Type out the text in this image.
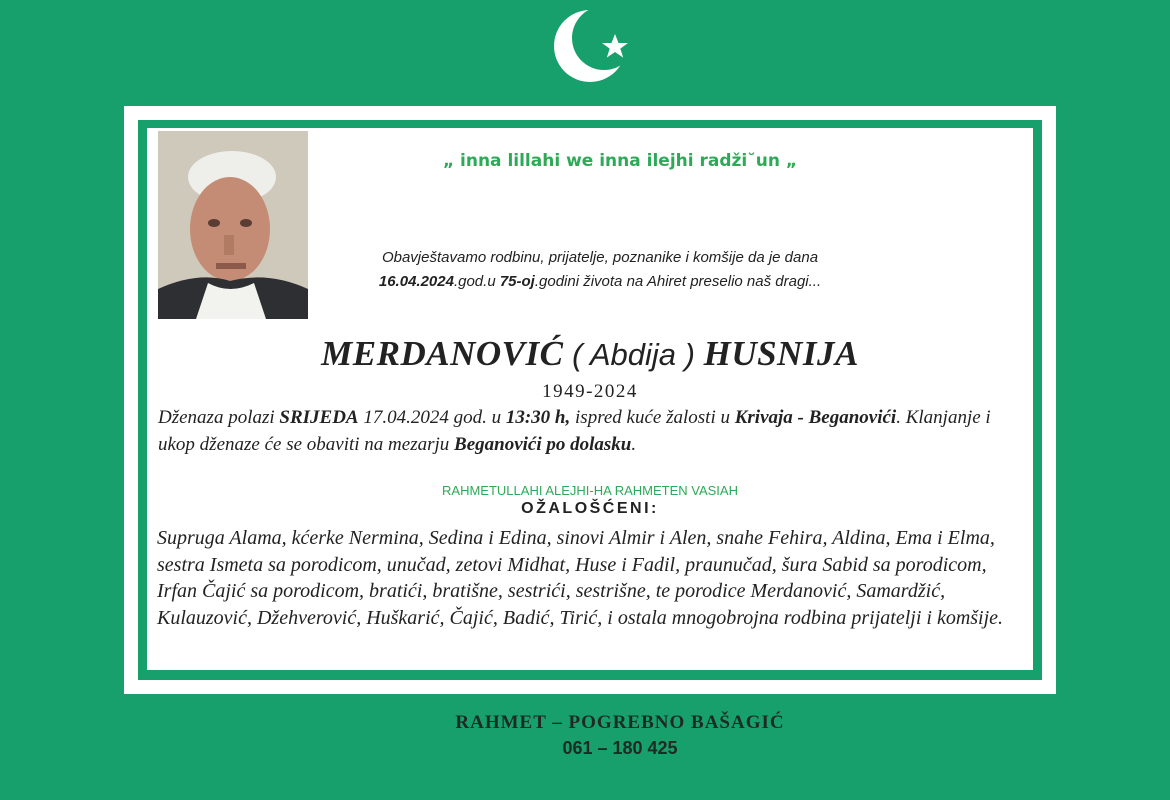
„ inna lillahi we inna ilejhi radži˘un „
Obavještavamo rodbinu, prijatelje, poznanike i komšije da je dana
16.04.2024.god.u 75-oj.godini života na Ahiret preselio naš dragi...
MERDANOVIĆ ( Abdija ) HUSNIJA
1949-2024
Dženaza polazi SRIJEDA 17.04.2024 god. u 13:30 h, ispred kuće žalosti u Krivaja - Beganovići. Klanjanje i ukop dženaze će se obaviti na mezarju Beganovići po dolasku.
RAHMETULLAHI ALEJHI-HA RAHMETEN VASIAH
OŽALOŠĆENI:
Supruga Alama, kćerke Nermina, Sedina i Edina, sinovi Almir i Alen, snahe Fehira, Aldina, Ema i Elma, sestra Ismeta sa porodicom, unučad, zetovi Midhat, Huse i Fadil, praunučad, šura Sabid sa porodicom, Irfan Čajić sa porodicom, bratići, bratišne, sestrići, sestrišne, te porodice Merdanović, Samardžić, Kulauzović, Džehverović, Huškarić, Čajić, Badić, Tirić, i ostala mnogobrojna rodbina prijatelji i komšije.
RAHMET – POGREBNO BAŠAGIĆ
061 – 180 425
